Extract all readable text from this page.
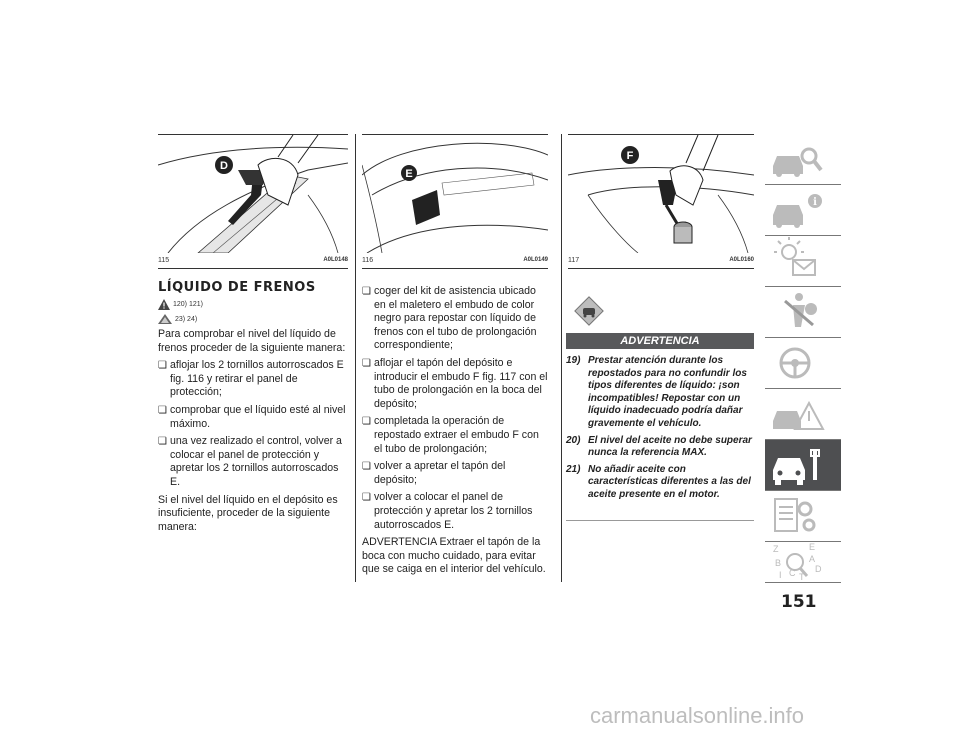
D
115	A0L0148
E
116	A0L0149
F
117	A0L0160
LÍQUIDO DE FRENOS
120) 121)
23) 24)

Para comprobar el nivel del líquido de frenos proceder de la siguiente manera:

❏ aflojar los 2 tornillos autorroscados E fig. 116 y retirar el panel de protección;
❏ comprobar que el líquido esté al nivel máximo.
❏ una vez realizado el control, volver a colocar el panel de protección y apretar los 2 tornillos autorroscados E.

Si el nivel del líquido en el depósito es insuficiente, proceder de la siguiente manera:

❏ coger del kit de asistencia ubicado en el maletero el embudo de color negro para repostar con líquido de frenos con el tubo de prolongación correspondiente;
❏ aflojar el tapón del depósito e introducir el embudo F fig. 117 con el tubo de prolongación en la boca del depósito;
❏ completada la operación de repostado extraer el embudo F con el tubo de prolongación;
❏ volver a apretar el tapón del depósito;
❏ volver a colocar el panel de protección y apretar los 2 tornillos autorroscados E.

ADVERTENCIA Extraer el tapón de la boca con mucho cuidado, para evitar que se caiga en el interior del vehículo.

ADVERTENCIA
19) Prestar atención durante los repostados para no confundir los tipos diferentes de líquido: ¡son incompatibles! Repostar con un líquido inadecuado podría dañar gravemente el vehículo.
20) El nivel del aceite no debe superar nunca la referencia MAX.
21) No añadir aceite con características diferentes a las del aceite presente en el motor.
i
Z	E
B	A
I C T
D
151
carmanualsonline.info
